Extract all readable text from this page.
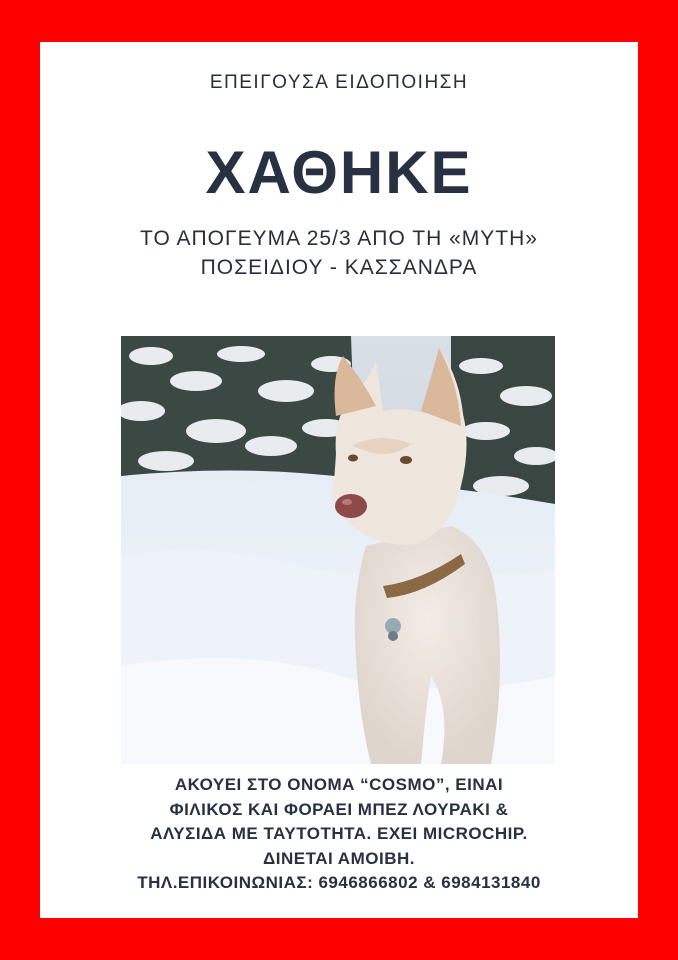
ΕΠΕΙΓΟΥΣΑ ΕΙΔΟΠΟΙΗΣΗ
ΧΑΘΗΚΕ
ΤΟ ΑΠΟΓΕΥΜΑ 25/3 ΑΠΟ ΤΗ «ΜΥΤΗ»
ΠΟΣΕΙΔΙΟΥ - ΚΑΣΣΑΝΔΡΑ
ΑΚΟΥΕΙ ΣΤΟ ΟΝΟΜΑ “COSMO”, ΕΙΝΑΙ
ΦΙΛΙΚΟΣ ΚΑΙ ΦΟΡΑΕΙ ΜΠΕΖ ΛΟΥΡΑΚΙ &
ΑΛΥΣΙΔΑ ΜΕ ΤΑΥΤΟΤΗΤΑ. ΕΧΕΙ MICROCHIP.
ΔΙΝΕΤΑΙ ΑΜΟΙΒΗ.
ΤΗΛ.ΕΠΙΚΟΙΝΩΝΙΑΣ: 6946866802 & 6984131840
